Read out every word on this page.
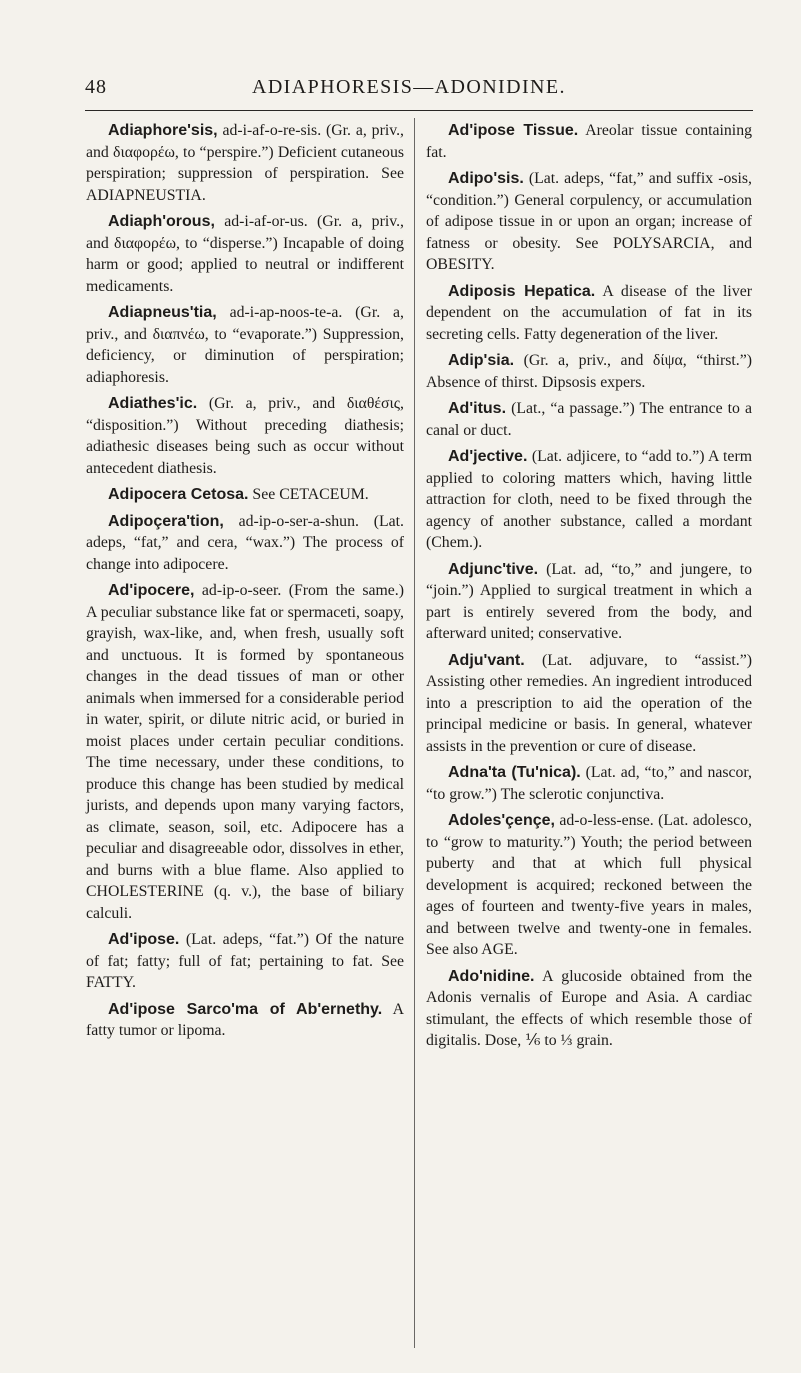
48	ADIAPHORESIS—ADONIDINE.

Adiaphore'sis, ad-i-af-o-re-sis. (Gr. a, priv., and διαφορέω, to “perspire.”) Deficient cutaneous perspiration; suppression of perspiration. See ADIAPNEUSTIA.

Adiaph'orous, ad-i-af-or-us. (Gr. a, priv., and διαφορέω, to “disperse.”) Incapable of doing harm or good; applied to neutral or indifferent medicaments.

Adiapneus'tia, ad-i-ap-noos-te-a. (Gr. a, priv., and διαπνέω, to “evaporate.”) Suppression, deficiency, or diminution of perspiration; adiaphoresis.

Adiathes'ic. (Gr. a, priv., and διαθέσις, “disposition.”) Without preceding diathesis; adiathesic diseases being such as occur without antecedent diathesis.

Adipocera Cetosa. See CETACEUM.

Adipoçera'tion, ad-ip-o-ser-a-shun. (Lat. adeps, “fat,” and cera, “wax.”) The process of change into adipocere.

Ad'ipocere, ad-ip-o-seer. (From the same.) A peculiar substance like fat or spermaceti, soapy, grayish, wax-like, and, when fresh, usually soft and unctuous. It is formed by spontaneous changes in the dead tissues of man or other animals when immersed for a considerable period in water, spirit, or dilute nitric acid, or buried in moist places under certain peculiar conditions. The time necessary, under these conditions, to produce this change has been studied by medical jurists, and depends upon many varying factors, as climate, season, soil, etc. Adipocere has a peculiar and disagreeable odor, dissolves in ether, and burns with a blue flame. Also applied to CHOLESTERINE (q. v.), the base of biliary calculi.

Ad'ipose. (Lat. adeps, “fat.”) Of the nature of fat; fatty; full of fat; pertaining to fat. See FATTY.

Ad'ipose Sarco'ma of Ab'ernethy. A fatty tumor or lipoma.

Ad'ipose Tissue. Areolar tissue containing fat.

Adipo'sis. (Lat. adeps, “fat,” and suffix -osis, “condition.”) General corpulency, or accumulation of adipose tissue in or upon an organ; increase of fatness or obesity. See POLYSARCIA, and OBESITY.

Adiposis Hepatica. A disease of the liver dependent on the accumulation of fat in its secreting cells. Fatty degeneration of the liver.

Adip'sia. (Gr. a, priv., and δίψα, “thirst.”) Absence of thirst. Dipsosis expers.

Ad'itus. (Lat., “a passage.”) The entrance to a canal or duct.

Ad'jective. (Lat. adjicere, to “add to.”) A term applied to coloring matters which, having little attraction for cloth, need to be fixed through the agency of another substance, called a mordant (Chem.).

Adjunc'tive. (Lat. ad, “to,” and jungere, to “join.”) Applied to surgical treatment in which a part is entirely severed from the body, and afterward united; conservative.

Adju'vant. (Lat. adjuvare, to “assist.”) Assisting other remedies. An ingredient introduced into a prescription to aid the operation of the principal medicine or basis. In general, whatever assists in the prevention or cure of disease.

Adna'ta (Tu'nica). (Lat. ad, “to,” and nascor, “to grow.”) The sclerotic conjunctiva.

Adoles'çençe, ad-o-less-ense. (Lat. adolesco, to “grow to maturity.”) Youth; the period between puberty and that at which full physical development is acquired; reckoned between the ages of fourteen and twenty-five years in males, and between twelve and twenty-one in females. See also AGE.

Ado'nidine. A glucoside obtained from the Adonis vernalis of Europe and Asia. A cardiac stimulant, the effects of which resemble those of digitalis. Dose, ⅙ to ⅓ grain.
